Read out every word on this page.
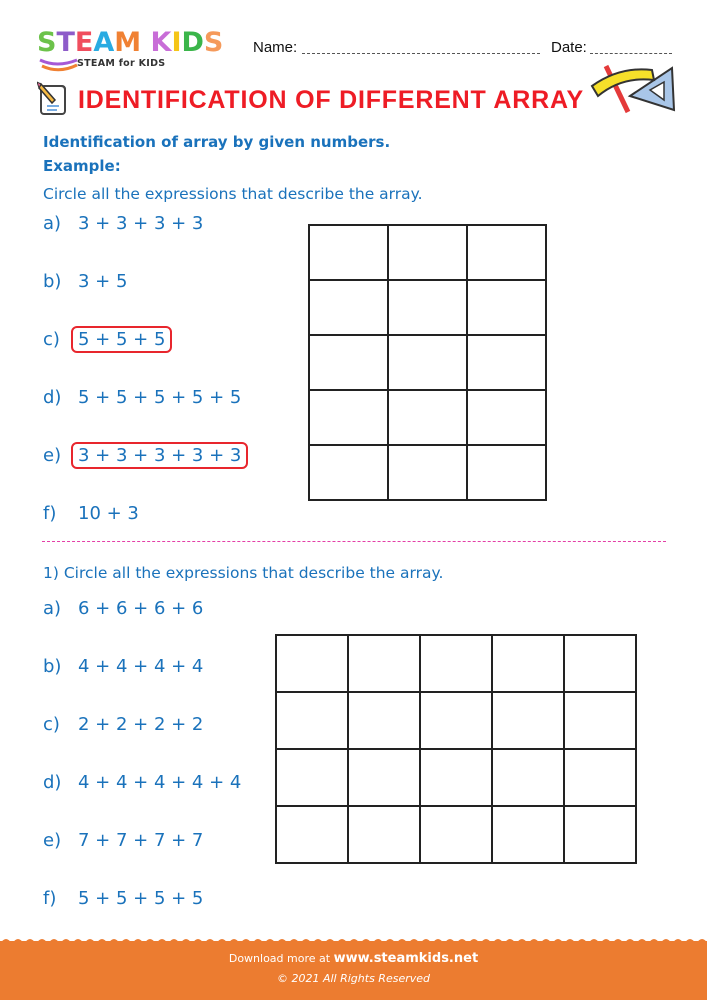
STEAM KIDS
STEAM for KIDS
Name:	Date:
IDENTIFICATION OF DIFFERENT ARRAY
Identification of array by given numbers.
Example:
Circle all the expressions that describe the array.
a) 3 + 3 + 3 + 3
b) 3 + 5
c) 5 + 5 + 5
d) 5 + 5 + 5 + 5 + 5
e) 3 + 3 + 3 + 3 + 3
f) 10 + 3

1) Circle all the expressions that describe the array.
a) 6 + 6 + 6 + 6
b) 4 + 4 + 4 + 4
c) 2 + 2 + 2 + 2
d) 4 + 4 + 4 + 4 + 4
e) 7 + 7 + 7 + 7
f) 5 + 5 + 5 + 5

Download more at www.steamkids.net
© 2021 All Rights Reserved
